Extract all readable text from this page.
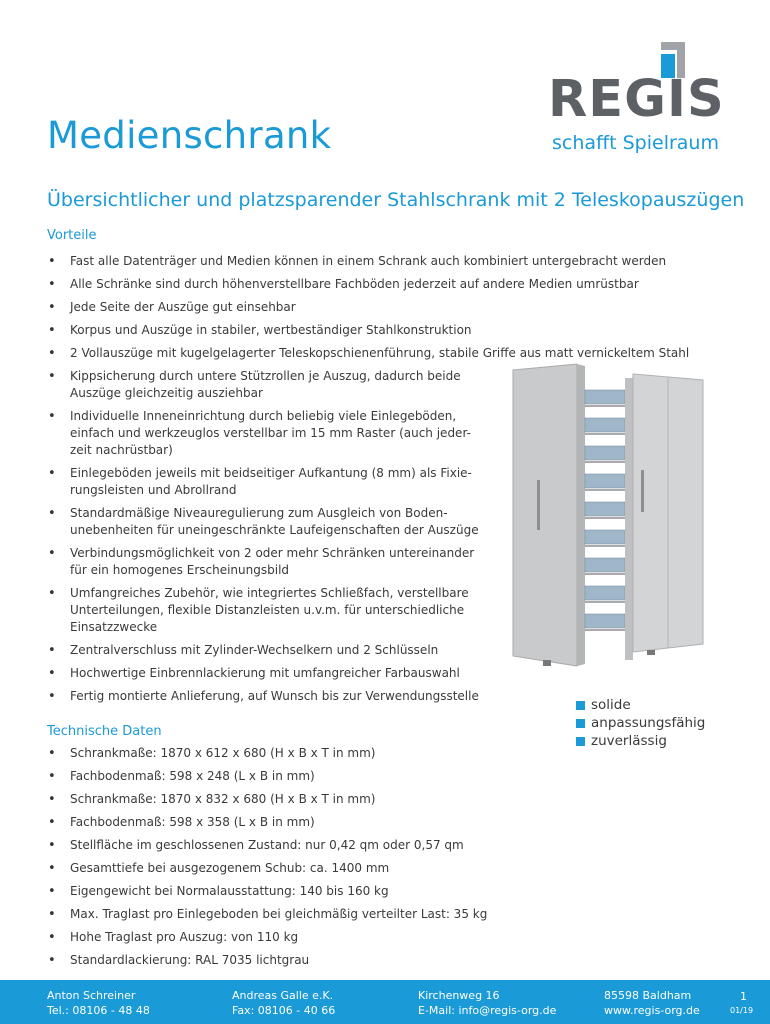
Medienschrank
REGIS
schafft Spielraum
Übersichtlicher und platzsparender Stahlschrank mit 2 Teleskopauszügen
Vorteile
• Fast alle Datenträger und Medien können in einem Schrank auch kombiniert untergebracht werden
• Alle Schränke sind durch höhenverstellbare Fachböden jederzeit auf andere Medien umrüstbar
• Jede Seite der Auszüge gut einsehbar
• Korpus und Auszüge in stabiler, wertbeständiger Stahlkonstruktion
• 2 Vollauszüge mit kugelgelagerter Teleskopschienenführung, stabile Griffe aus matt vernickeltem Stahl
• Kippsicherung durch untere Stützrollen je Auszug, dadurch beide Auszüge gleichzeitig ausziehbar
• Individuelle Inneneinrichtung durch beliebig viele Einlegeböden, einfach und werkzeuglos verstellbar im 15 mm Raster (auch jeder-zeit nachrüstbar)
• Einlegeböden jeweils mit beidseitiger Aufkantung (8 mm) als Fixie-rungsleisten und Abrollrand
• Standardmäßige Niveauregulierung zum Ausgleich von Boden-unebenheiten für uneingeschränkte Laufeigenschaften der Auszüge
• Verbindungsmöglichkeit von 2 oder mehr Schränken untereinander für ein homogenes Erscheinungsbild
• Umfangreiches Zubehör, wie integriertes Schließfach, verstellbare Unterteilungen, flexible Distanzleisten u.v.m. für unterschiedliche Einsatzzwecke
• Zentralverschluss mit Zylinder-Wechselkern und 2 Schlüsseln
• Hochwertige Einbrennlackierung mit umfangreicher Farbauswahl
• Fertig montierte Anlieferung, auf Wunsch bis zur Verwendungsstelle
solide
anpassungsfähig
zuverlässig
Technische Daten
• Schrankmaße: 1870 x 612 x 680 (H x B x T in mm)
• Fachbodenmaß: 598 x 248 (L x B in mm)
• Schrankmaße: 1870 x 832 x 680 (H x B x T in mm)
• Fachbodenmaß: 598 x 358 (L x B in mm)
• Stellfläche im geschlossenen Zustand: nur 0,42 qm oder 0,57 qm
• Gesamttiefe bei ausgezogenem Schub: ca. 1400 mm
• Eigengewicht bei Normalausstattung: 140 bis 160 kg
• Max. Traglast pro Einlegeboden bei gleichmäßig verteilter Last: 35 kg
• Hohe Traglast pro Auszug: von 110 kg
• Standardlackierung: RAL 7035 lichtgrau
Anton Schreiner
Tel.: 08106 - 48 48
Andreas Galle e.K.
Fax: 08106 - 40 66
Kirchenweg 16
E-Mail: info@regis-org.de
85598 Baldham
www.regis-org.de
1
01/19
